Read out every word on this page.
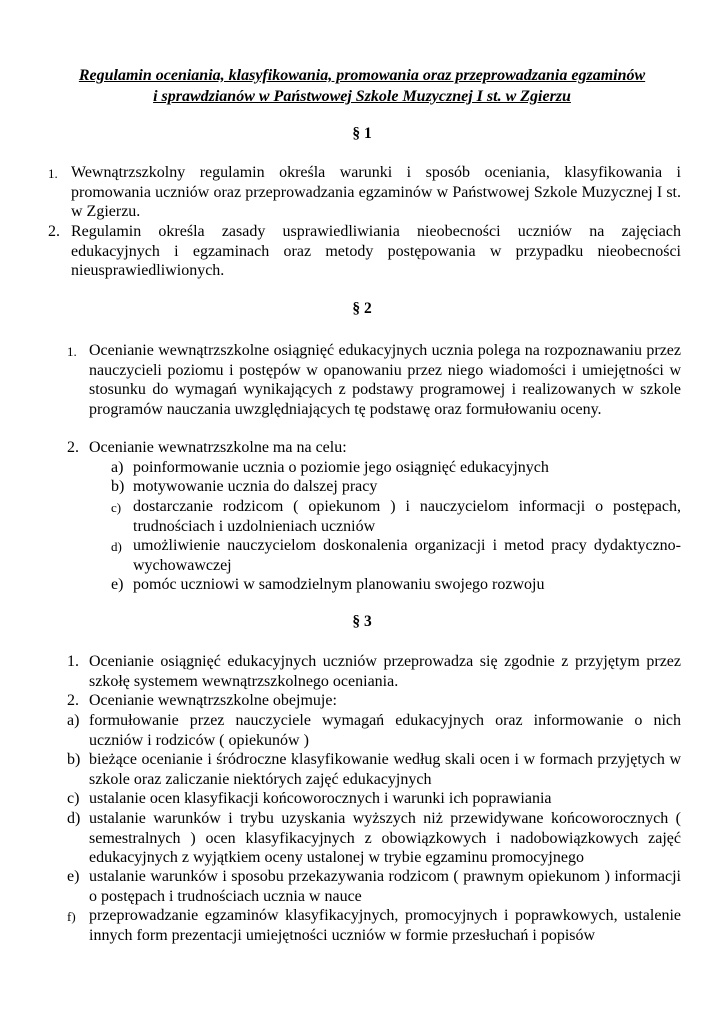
Regulamin oceniania, klasyfikowania, promowania oraz przeprowadzania egzaminów
i sprawdzianów w Państwowej Szkole Muzycznej I st. w Zgierzu
§ 1
1. Wewnątrzszkolny regulamin określa warunki i sposób oceniania, klasyfikowania i promowania uczniów oraz przeprowadzania egzaminów w Państwowej Szkole Muzycznej I st. w Zgierzu.
2. Regulamin określa zasady usprawiedliwiania nieobecności uczniów na zajęciach edukacyjnych i egzaminach oraz metody postępowania w przypadku nieobecności nieusprawiedliwionych.
§ 2
1. Ocenianie wewnątrzszkolne osiągnięć edukacyjnych ucznia polega na rozpoznawaniu przez nauczycieli poziomu i postępów w opanowaniu przez niego wiadomości i umiejętności w stosunku do wymagań wynikających z podstawy programowej i realizowanych w szkole programów nauczania uwzględniających tę podstawę oraz formułowaniu oceny.
2. Ocenianie wewnatrzszkolne ma na celu:
a) poinformowanie ucznia o poziomie jego osiągnięć edukacyjnych
b) motywowanie ucznia do dalszej pracy
c) dostarczanie rodzicom ( opiekunom ) i nauczycielom informacji o postępach, trudnościach i uzdolnieniach uczniów
d) umożliwienie nauczycielom doskonalenia organizacji i metod pracy dydaktyczno-wychowawczej
e) pomóc uczniowi w samodzielnym planowaniu swojego rozwoju
§ 3
1. Ocenianie osiągnięć edukacyjnych uczniów przeprowadza się zgodnie z przyjętym przez szkołę systemem wewnątrzszkolnego oceniania.
2. Ocenianie wewnątrzszkolne obejmuje:
a) formułowanie przez nauczyciele wymagań edukacyjnych oraz informowanie o nich uczniów i rodziców ( opiekunów )
b) bieżące ocenianie i śródroczne klasyfikowanie według skali ocen i w formach przyjętych w szkole oraz zaliczanie niektórych zajęć edukacyjnych
c) ustalanie ocen klasyfikacji końcoworocznych i warunki ich poprawiania
d) ustalanie warunków i trybu uzyskania wyższych niż przewidywane końcoworocznych ( semestralnych ) ocen klasyfikacyjnych z obowiązkowych i nadobowiązkowych zajęć edukacyjnych z wyjątkiem oceny ustalonej w trybie egzaminu promocyjnego
e) ustalanie warunków i sposobu przekazywania rodzicom ( prawnym opiekunom ) informacji o postępach i trudnościach ucznia w nauce
f) przeprowadzanie egzaminów klasyfikacyjnych, promocyjnych i poprawkowych, ustalenie innych form prezentacji umiejętności uczniów w formie przesłuchań i popisów
